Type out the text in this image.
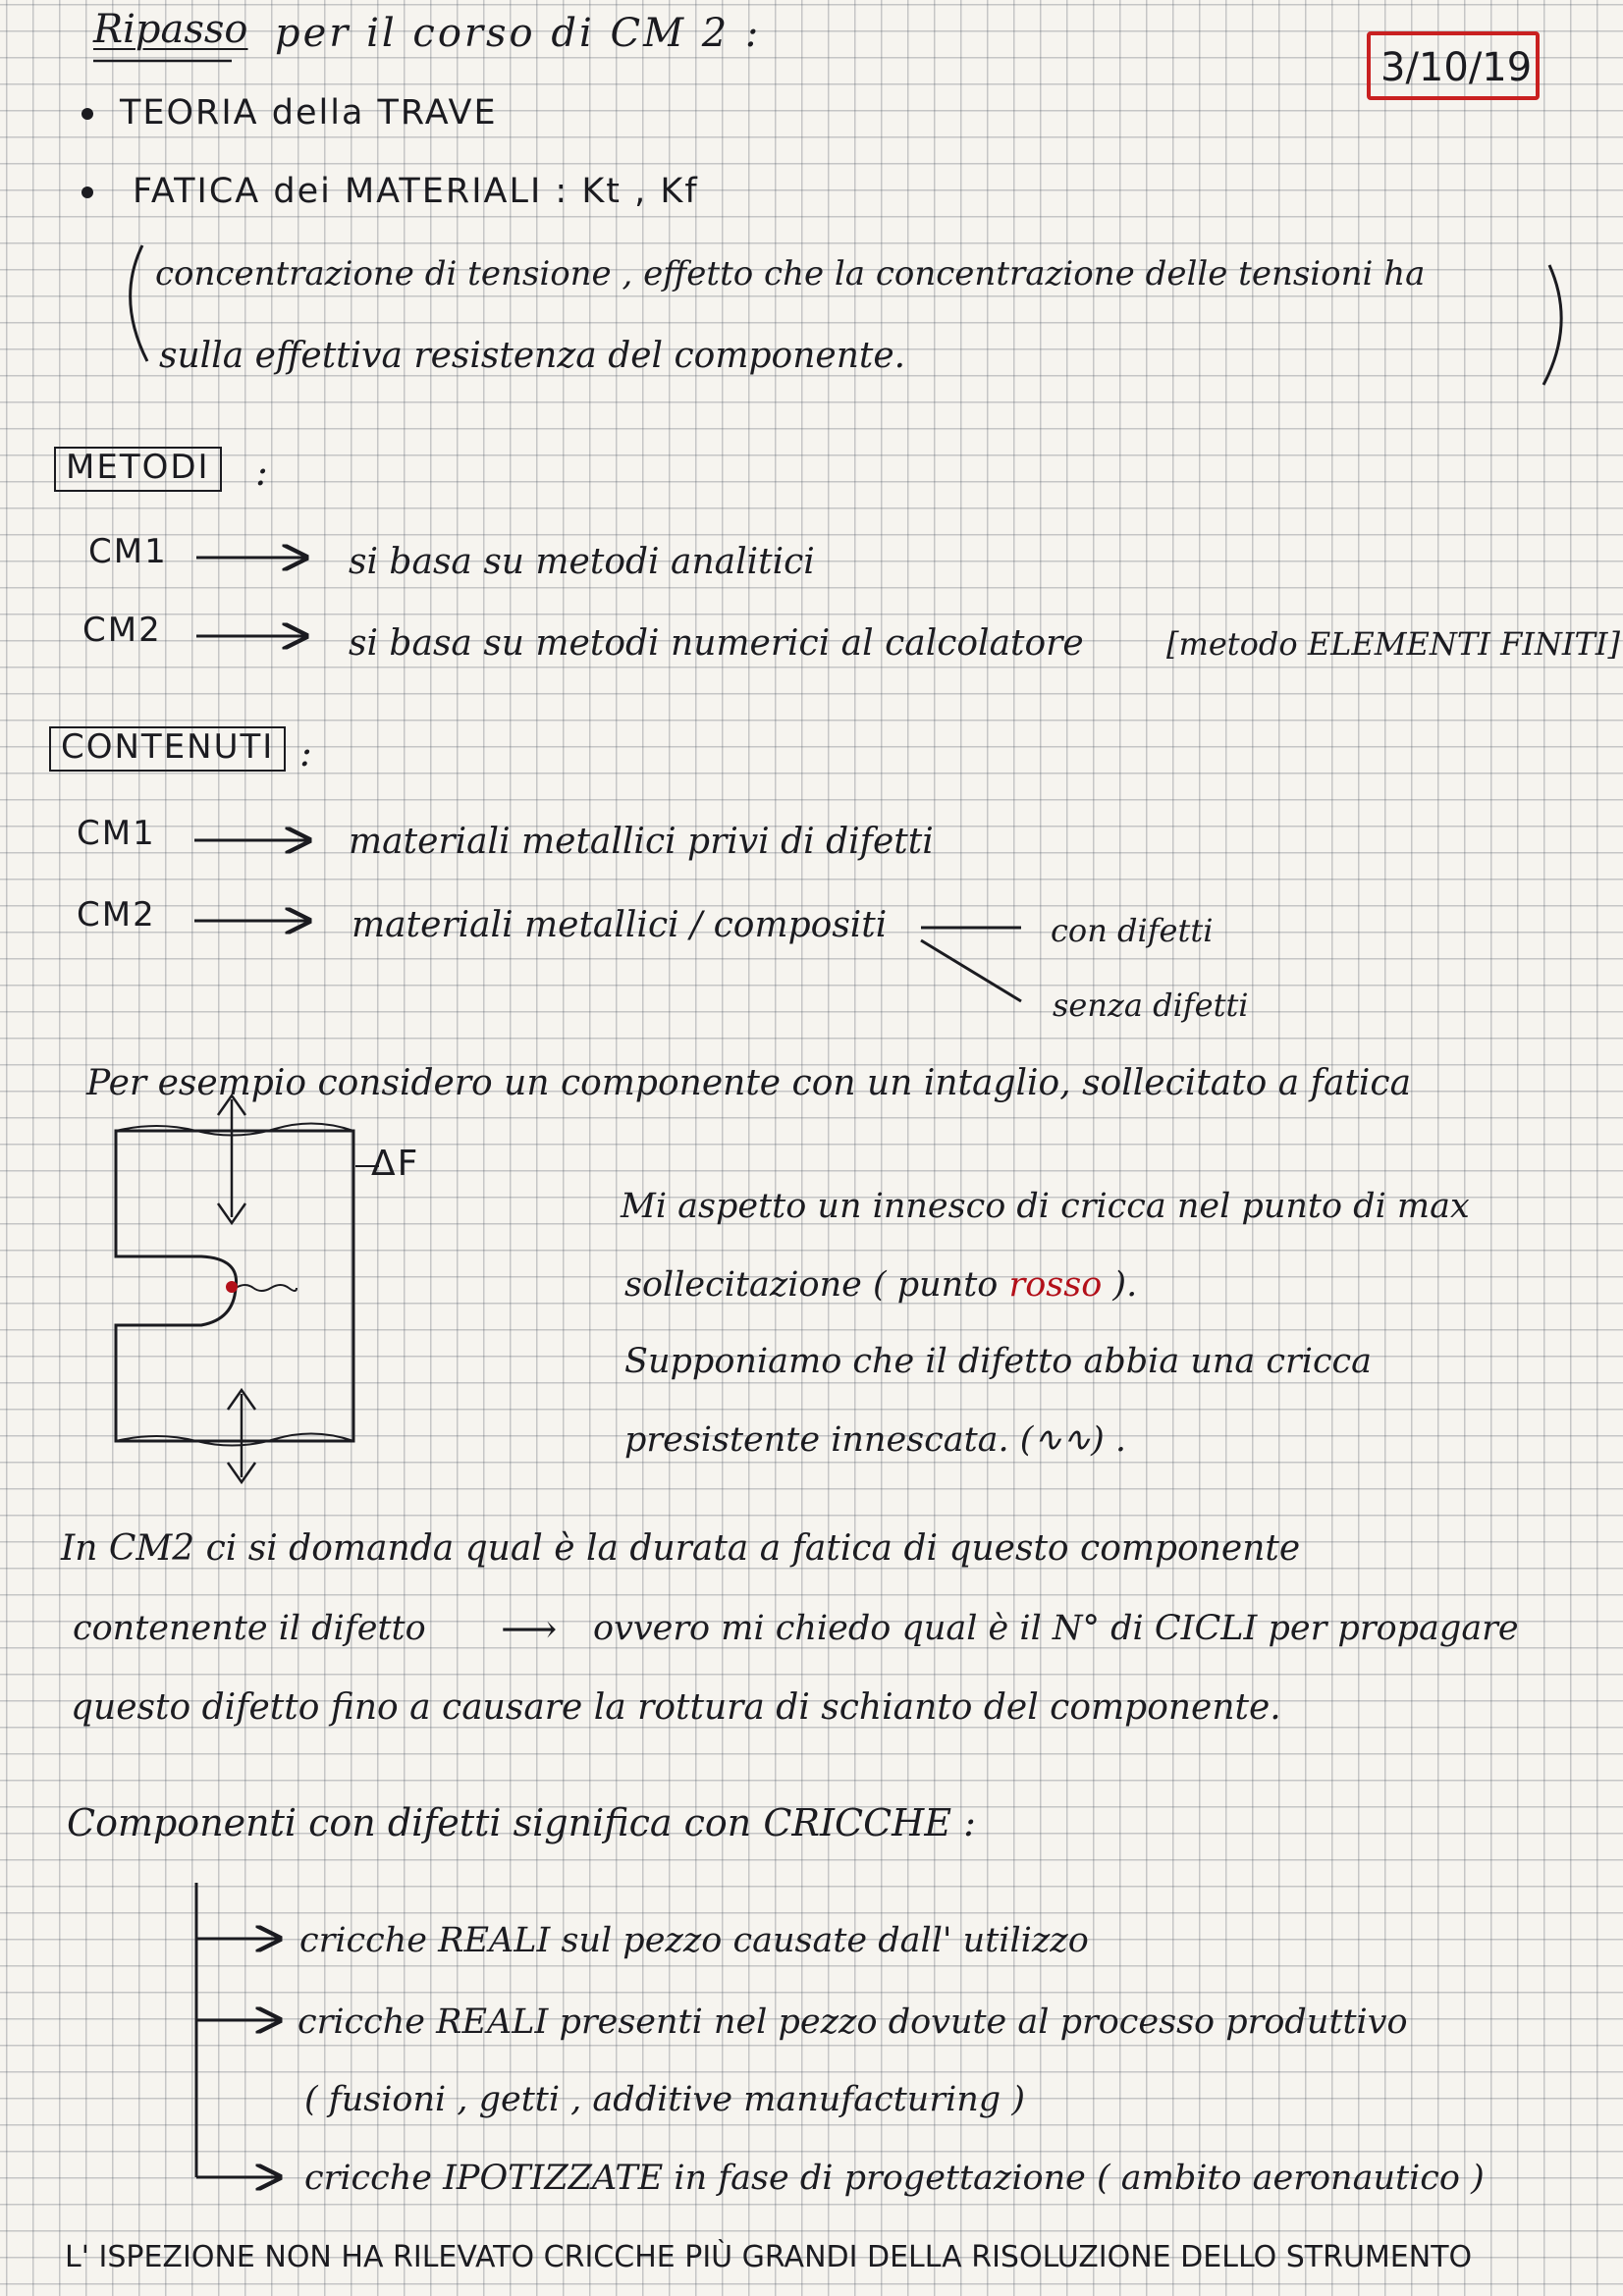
Ripasso per il corso di CM 2 :
3/10/19
TEORIA della TRAVE
FATICA dei MATERIALI : Kt , Kf
concentrazione di tensione , effetto che la concentrazione delle tensioni ha
sulla effettiva resistenza del componente.
METODI	:
CM1	si basa su metodi analitici
CM2	si basa su metodi numerici al calcolatore	[metodo ELEMENTI FINITI]
CONTENUTI :
CM1	materiali metallici privi di difetti
CM2	materiali metallici / compositi	con difetti
senza difetti
Per esempio considero un componente con un intaglio, sollecitato a fatica
ΔF
Mi aspetto un innesco di cricca nel punto di max
sollecitazione ( punto rosso ).
Supponiamo che il difetto abbia una cricca
presistente innescata. (∿∿) .
In CM2 ci si domanda qual è la durata a fatica di questo componente
contenente il difetto ⟶ ovvero mi chiedo qual è il N° di CICLI per propagare
questo difetto fino a causare la rottura di schianto del componente.
Componenti con difetti significa con CRICCHE :
cricche REALI sul pezzo causate dall' utilizzo
cricche REALI presenti nel pezzo dovute al processo produttivo
( fusioni , getti , additive manufacturing )
cricche IPOTIZZATE in fase di progettazione ( ambito aeronautico )
L' ISPEZIONE NON HA RILEVATO CRICCHE PIÙ GRANDI DELLA RISOLUZIONE DELLO STRUMENTO
